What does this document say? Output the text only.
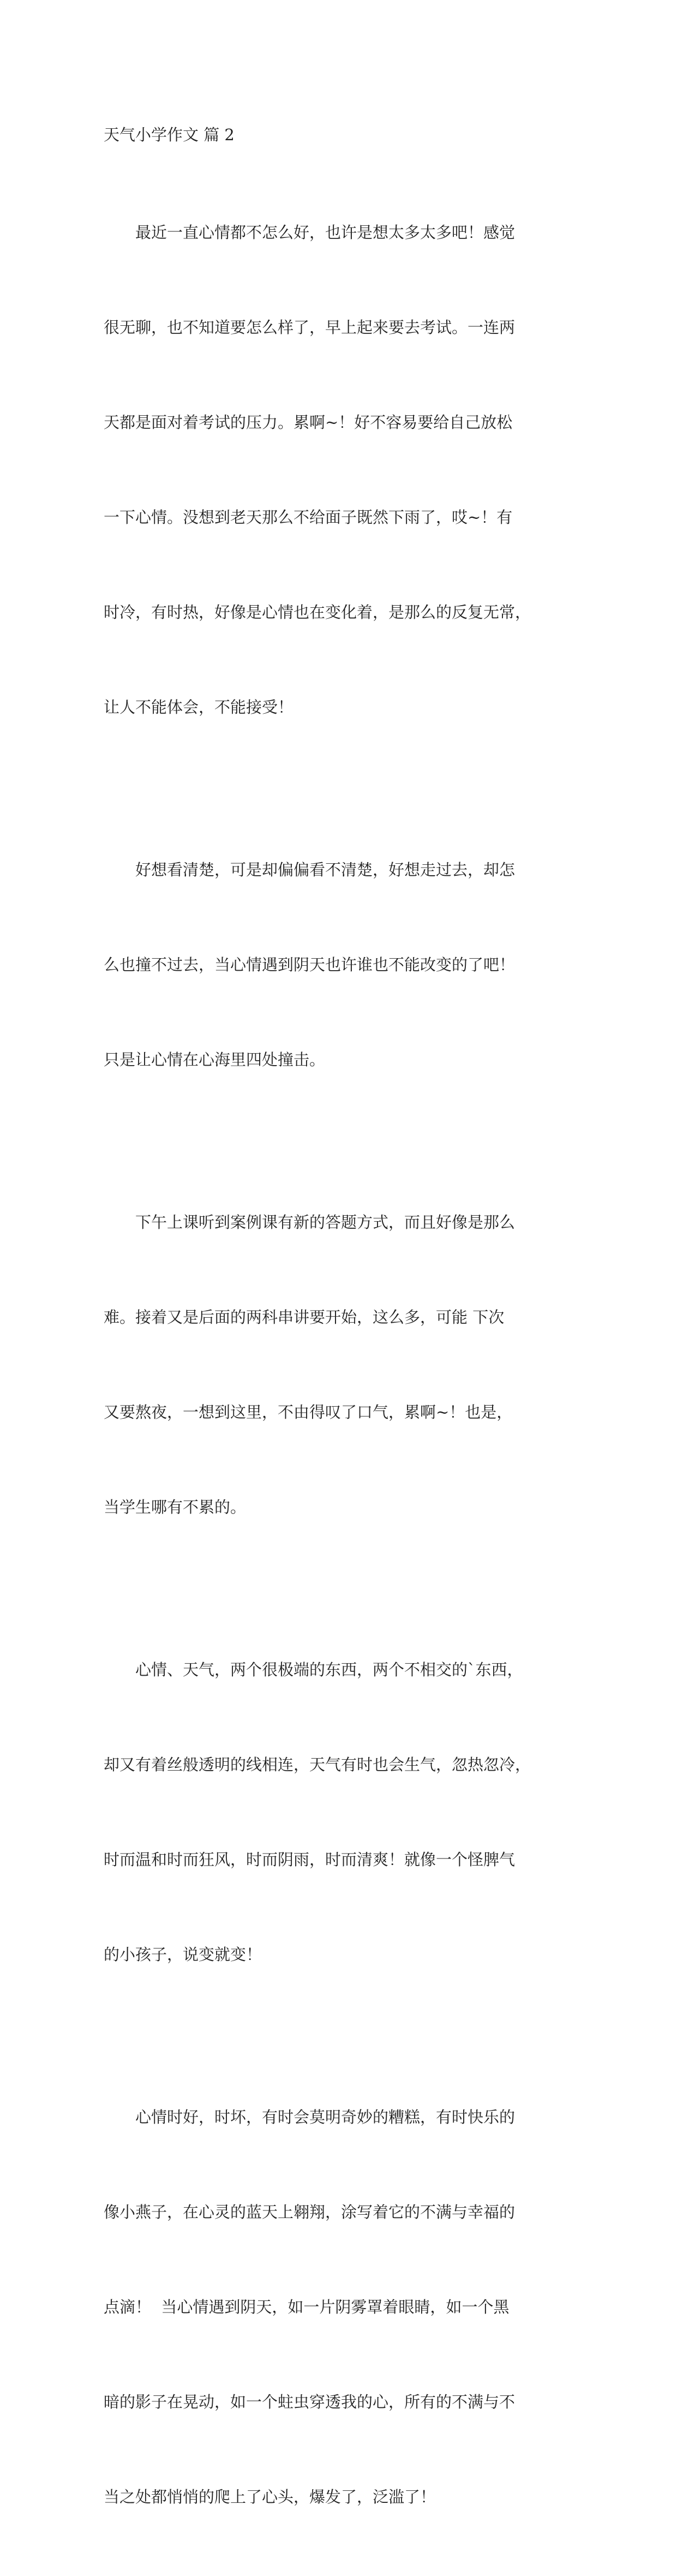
天气小学作文 篇 2

最近一直心情都不怎么好，也许是想太多太多吧！感觉

很无聊，也不知道要怎么样了，早上起来要去考试。一连两

天都是面对着考试的压力。累啊~！好不容易要给自己放松

一下心情。没想到老天那么不给面子既然下雨了，哎~！有

时冷，有时热，好像是心情也在变化着，是那么的反复无常，

让人不能体会，不能接受！

好想看清楚，可是却偏偏看不清楚，好想走过去，却怎

么也撞不过去，当心情遇到阴天也许谁也不能改变的了吧！

只是让心情在心海里四处撞击。

下午上课听到案例课有新的答题方式，而且好像是那么

难。接着又是后面的两科串讲要开始，这么多，可能 下次

又要熬夜，一想到这里，不由得叹了口气，累啊~！也是，

当学生哪有不累的。

心情、天气，两个很极端的东西，两个不相交的`东西，

却又有着丝般透明的线相连，天气有时也会生气，忽热忽冷，

时而温和时而狂风，时而阴雨，时而清爽！就像一个怪脾气

的小孩子，说变就变！

心情时好，时坏，有时会莫明奇妙的糟糕，有时快乐的

像小燕子，在心灵的蓝天上翱翔，涂写着它的不满与幸福的

点滴！  当心情遇到阴天，如一片阴雾罩着眼睛，如一个黑

暗的影子在晃动，如一个蛀虫穿透我的心，所有的不满与不

当之处都悄悄的爬上了心头，爆发了，泛滥了！
